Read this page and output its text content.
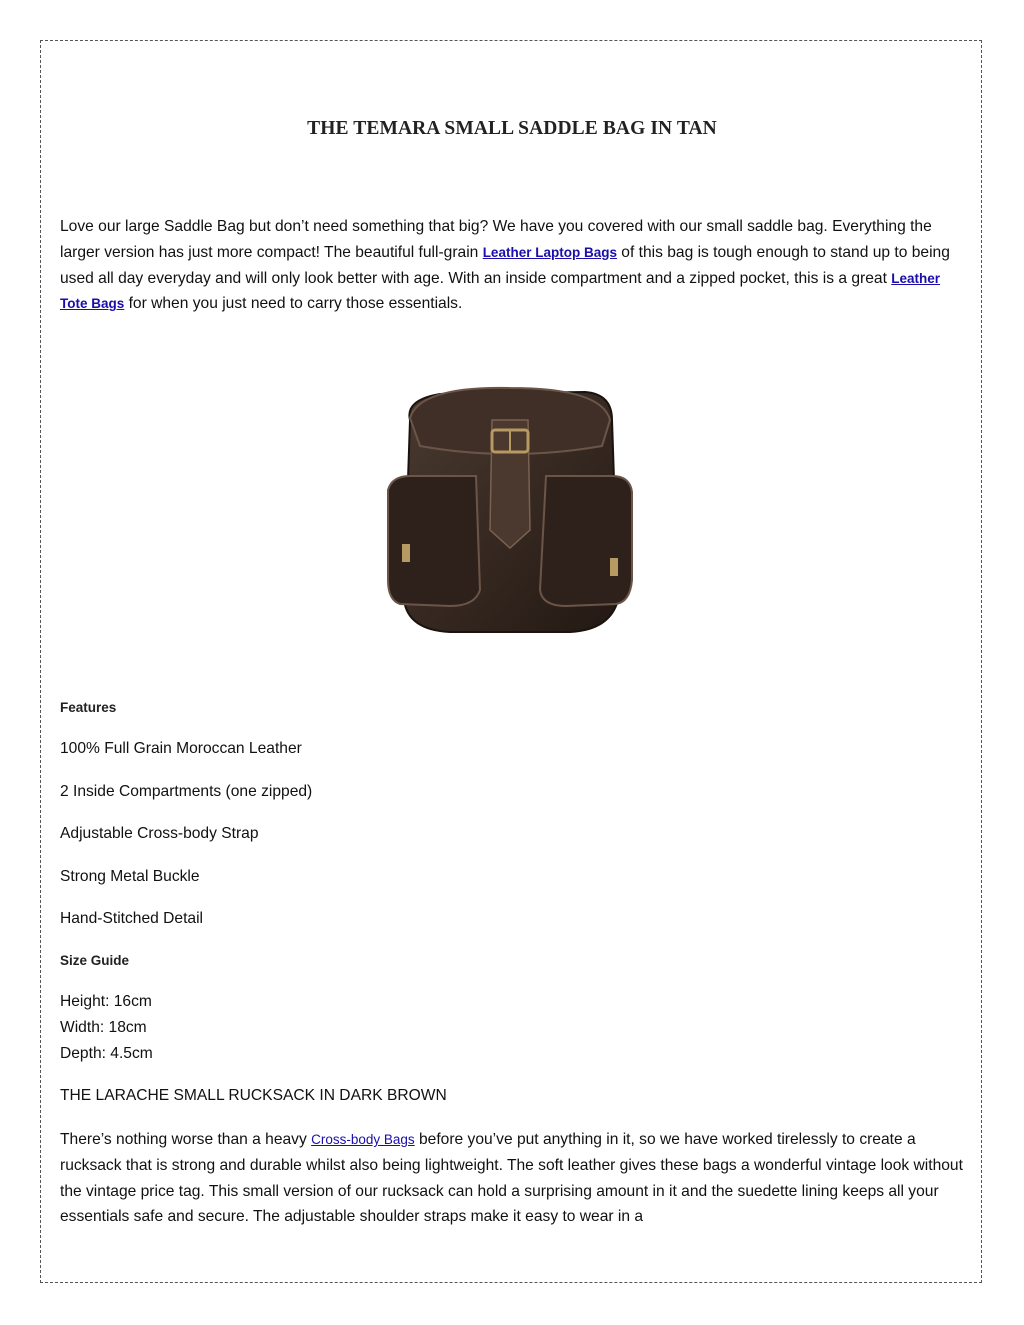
THE TEMARA SMALL SADDLE BAG IN TAN
Love our large Saddle Bag but don’t need something that big? We have you covered with our small saddle bag. Everything the larger version has just more compact! The beautiful full-grain Leather Laptop Bags of this bag is tough enough to stand up to being used all day everyday and will only look better with age. With an inside compartment and a zipped pocket, this is a great Leather Tote Bags for when you just need to carry those essentials.
Features
100% Full Grain Moroccan Leather
2 Inside Compartments (one zipped)
Adjustable Cross-body Strap
Strong Metal Buckle
Hand-Stitched Detail
Size Guide
Height: 16cm
Width: 18cm
Depth: 4.5cm
THE LARACHE SMALL RUCKSACK IN DARK BROWN
There’s nothing worse than a heavy Cross-body Bags before you’ve put anything in it, so we have worked tirelessly to create a rucksack that is strong and durable whilst also being lightweight. The soft leather gives these bags a wonderful vintage look without the vintage price tag. This small version of our rucksack can hold a surprising amount in it and the suedette lining keeps all your essentials safe and secure. The adjustable shoulder straps make it easy to wear in a
